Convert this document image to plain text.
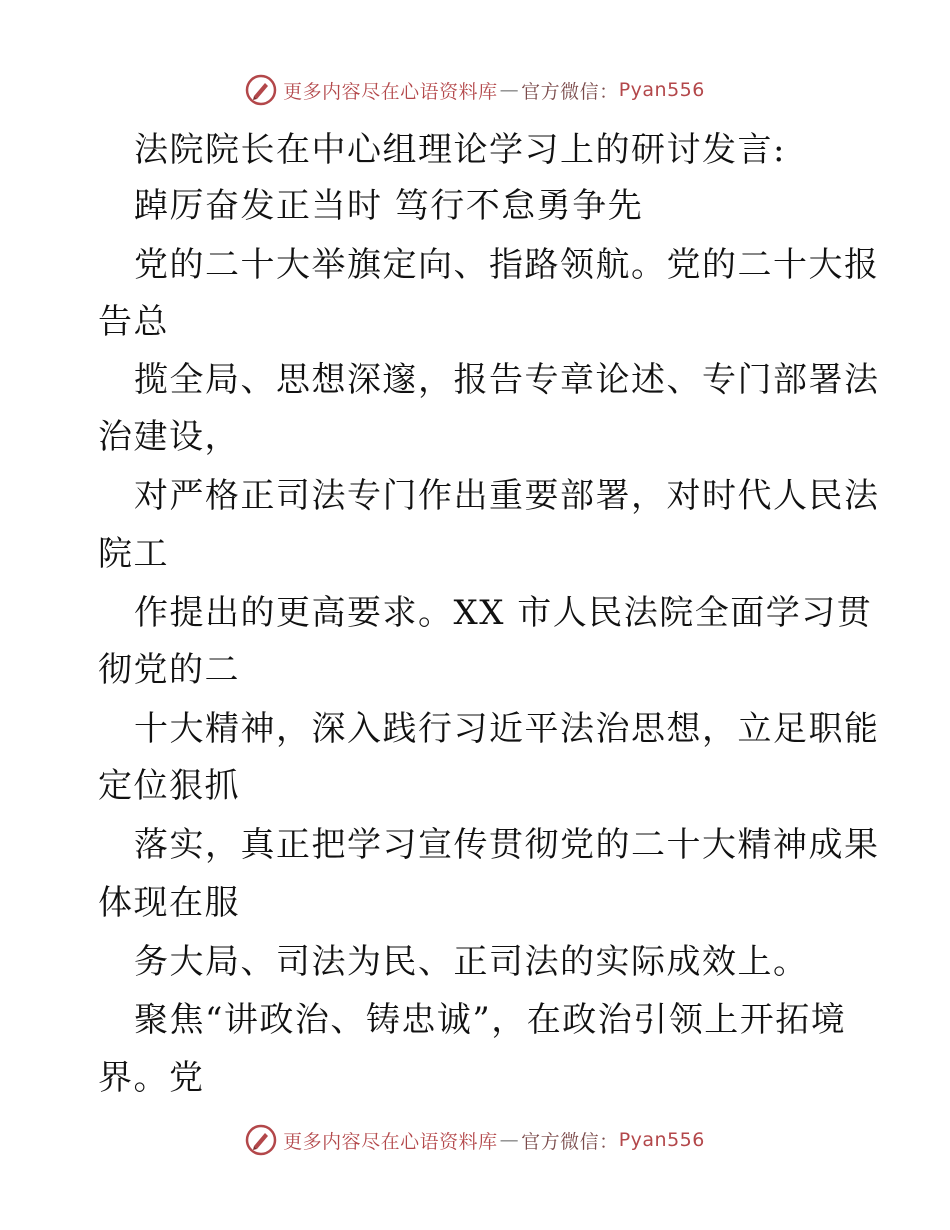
更多内容尽在心语资料库 — 官方微信： Pyan556
法院院长在中心组理论学习上的研讨发言:
踔厉奋发正当时 笃行不怠勇争先
党的二十大举旗定向、指路领航。党的二十大报
告总
揽全局、思想深邃，报告专章论述、专门部署法
治建设，
对严格正司法专门作出重要部署，对时代人民法
院工
作提出的更高要求。XX 市人民法院全面学习贯
彻党的二
十大精神，深入践行习近平法治思想，立足职能
定位狠抓
落实，真正把学习宣传贯彻党的二十大精神成果
体现在服
务大局、司法为民、正司法的实际成效上。
聚焦“讲政治、铸忠诚”，在政治引领上开拓境
界。党
更多内容尽在心语资料库 — 官方微信： Pyan556
